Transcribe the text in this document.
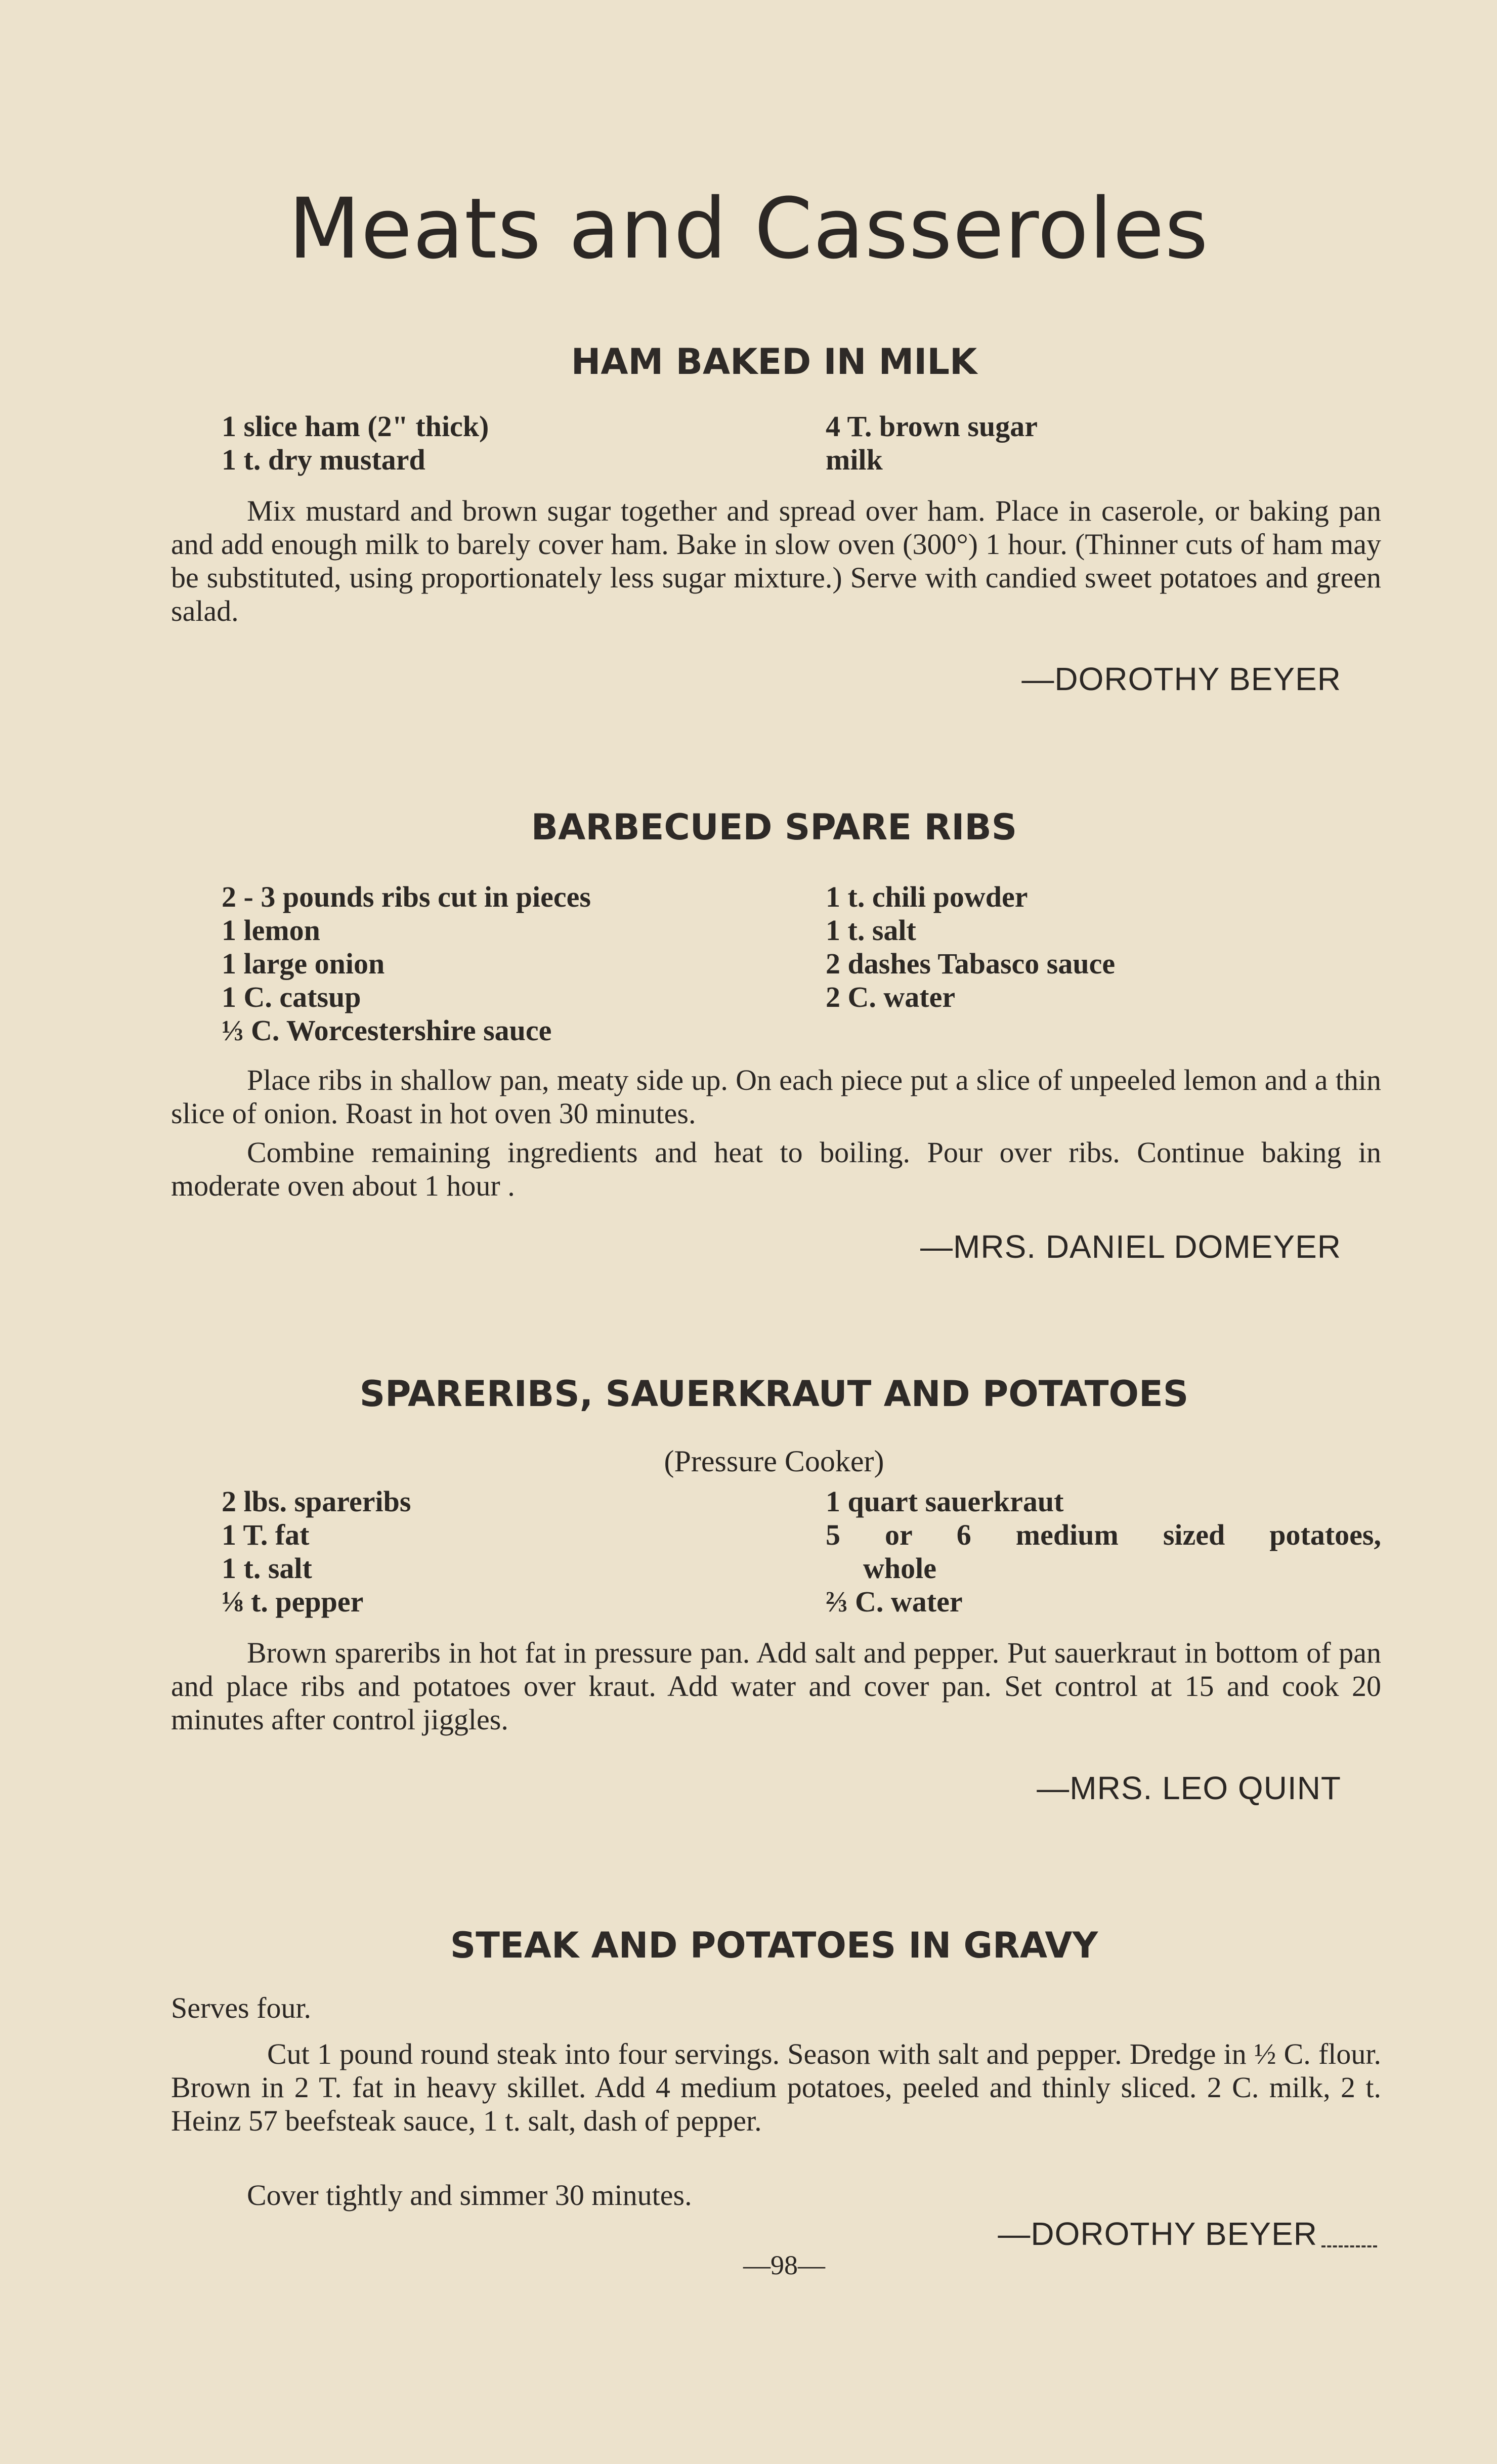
Meats and Casseroles
HAM BAKED IN MILK
1 slice ham (2" thick)
1 t. dry mustard
4 T. brown sugar
milk

Mix mustard and brown sugar together and spread over ham. Place in caserole, or baking pan and add enough milk to barely cover ham. Bake in slow oven (300°) 1 hour. (Thinner cuts of ham may be substituted, using proportionately less sugar mixture.) Serve with candied sweet potatoes and green salad.

—DOROTHY BEYER
BARBECUED SPARE RIBS
2 - 3 pounds ribs cut in pieces
1 lemon
1 large onion
1 C. catsup
⅓ C. Worcestershire sauce
1 t. chili powder
1 t. salt
2 dashes Tabasco sauce
2 C. water

Place ribs in shallow pan, meaty side up. On each piece put a slice of unpeeled lemon and a thin slice of onion. Roast in hot oven 30 minutes.

Combine remaining ingredients and heat to boiling. Pour over ribs. Continue baking in moderate oven about 1 hour .

—MRS. DANIEL DOMEYER
SPARERIBS, SAUERKRAUT AND POTATOES
(Pressure Cooker)
2 lbs. spareribs
1 T. fat
1 t. salt
⅛ t. pepper
1 quart sauerkraut
5 or 6 medium sized potatoes,
whole
⅔ C. water

Brown spareribs in hot fat in pressure pan. Add salt and pepper. Put sauerkraut in bottom of pan and place ribs and potatoes over kraut. Add water and cover pan. Set control at 15 and cook 20 minutes after control jiggles.

—MRS. LEO QUINT
STEAK AND POTATOES IN GRAVY

Serves four.

Cut 1 pound round steak into four servings. Season with salt and pepper. Dredge in ½ C. flour. Brown in 2 T. fat in heavy skillet. Add 4 medium potatoes, peeled and thinly sliced. 2 C. milk, 2 t. Heinz 57 beefsteak sauce, 1 t. salt, dash of pepper.

Cover tightly and simmer 30 minutes.

—DOROTHY BEYER
—98—
